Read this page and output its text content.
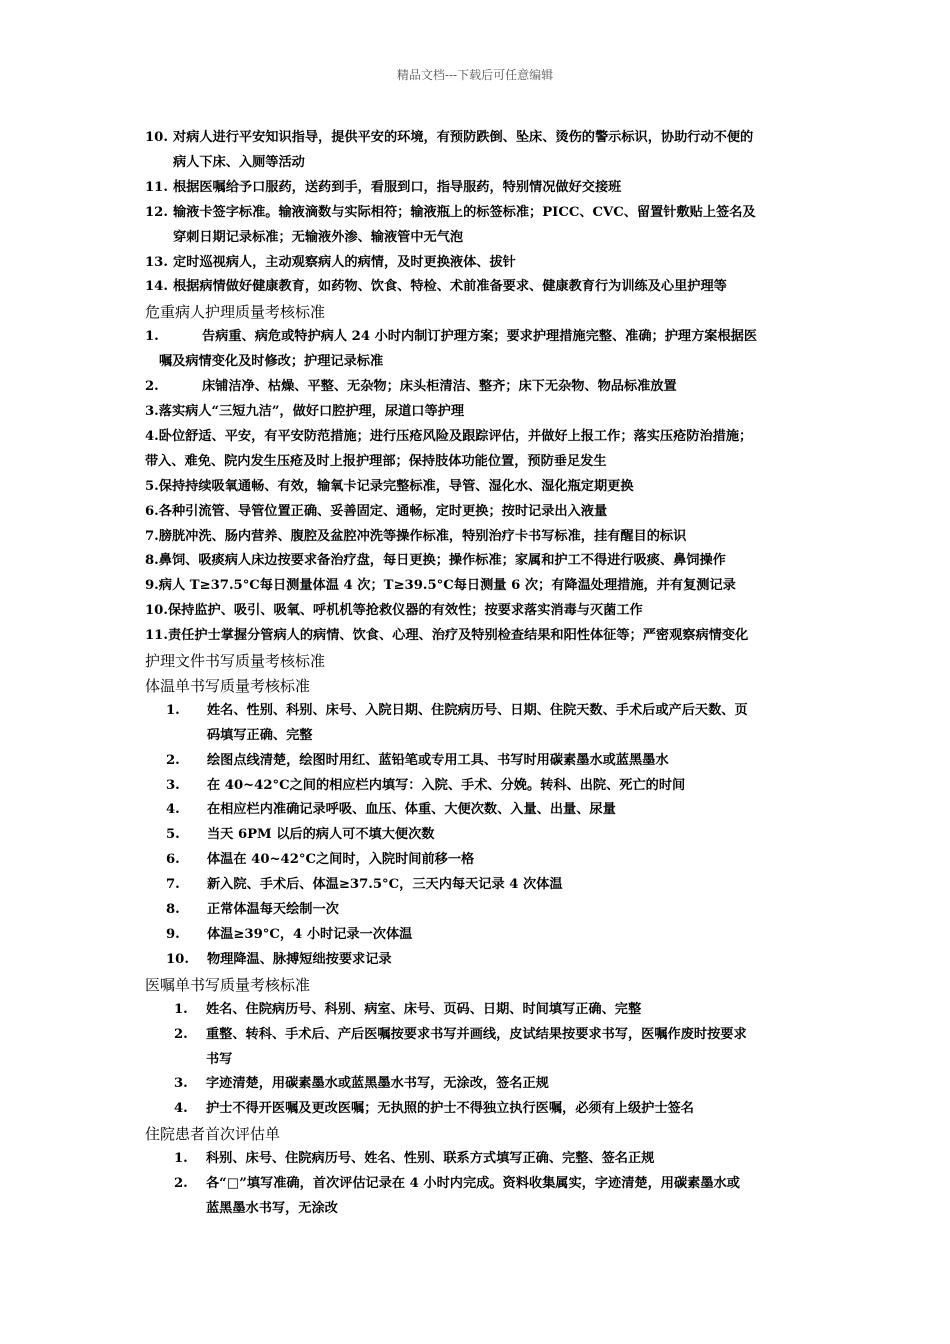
精品文档---下载后可任意编辑
10. 对病人进行平安知识指导，提供平安的环境，有预防跌倒、坠床、烫伤的警示标识，协助行动不便的
病人下床、入厕等活动
11. 根据医嘱给予口服药，送药到手，看服到口，指导服药，特别情况做好交接班
12. 输液卡签字标准。输液滴数与实际相符；输液瓶上的标签标准；PICC、CVC、留置针敷贴上签名及
穿刺日期记录标准；无输液外渗、输液管中无气泡
13. 定时巡视病人，主动观察病人的病情，及时更换液体、拔针
14. 根据病情做好健康教育，如药物、饮食、特检、术前准备要求、健康教育行为训练及心里护理等
危重病人护理质量考核标准
1.	告病重、病危或特护病人 24 小时内制订护理方案；要求护理措施完整、准确；护理方案根据医
嘱及病情变化及时修改；护理记录标准
2.	床铺洁净、枯燥、平整、无杂物；床头柜清洁、整齐；床下无杂物、物品标准放置
3.落实病人“三短九洁”，做好口腔护理，尿道口等护理
4.卧位舒适、平安，有平安防范措施；进行压疮风险及跟踪评估，并做好上报工作；落实压疮防治措施；
带入、难免、院内发生压疮及时上报护理部；保持肢体功能位置，预防垂足发生
5.保持持续吸氧通畅、有效，输氧卡记录完整标准，导管、湿化水、湿化瓶定期更换
6.各种引流管、导管位置正确、妥善固定、通畅，定时更换；按时记录出入液量
7.膀胱冲洗、肠内营养、腹腔及盆腔冲洗等操作标准，特别治疗卡书写标准，挂有醒目的标识
8.鼻饲、吸痰病人床边按要求备治疗盘，每日更换；操作标准；家属和护工不得进行吸痰、鼻饲操作
9.病人 T≥37.5°C每日测量体温 4 次；T≥39.5°C每日测量 6 次；有降温处理措施，并有复测记录
10.保持监护、吸引、吸氧、呼机机等抢救仪器的有效性；按要求落实消毒与灭菌工作
11.责任护士掌握分管病人的病情、饮食、心理、治疗及特别检查结果和阳性体征等；严密观察病情变化
护理文件书写质量考核标准
体温单书写质量考核标准
1.	姓名、性别、科别、床号、入院日期、住院病历号、日期、住院天数、手术后或产后天数、页
码填写正确、完整
2.	绘图点线清楚，绘图时用红、蓝铅笔或专用工具、书写时用碳素墨水或蓝黑墨水
3.	在 40~42°C之间的相应栏内填写：入院、手术、分娩。转科、出院、死亡的时间
4.	在相应栏内准确记录呼吸、血压、体重、大便次数、入量、出量、尿量
5.	当天 6PM 以后的病人可不填大便次数
6.	体温在 40~42°C之间时，入院时间前移一格
7.	新入院、手术后、体温≥37.5°C，三天内每天记录 4 次体温
8.	正常体温每天绘制一次
9.	体温≥39°C，4 小时记录一次体温
10.	物理降温、脉搏短绌按要求记录
医嘱单书写质量考核标准
1.	姓名、住院病历号、科别、病室、床号、页码、日期、时间填写正确、完整
2.	重整、转科、手术后、产后医嘱按要求书写并画线，皮试结果按要求书写，医嘱作废时按要求
书写
3.	字迹清楚，用碳素墨水或蓝黑墨水书写，无涂改，签名正规
4.	护士不得开医嘱及更改医嘱；无执照的护士不得独立执行医嘱，必须有上级护士签名
住院患者首次评估单
1.	科别、床号、住院病历号、姓名、性别、联系方式填写正确、完整、签名正规
2.	各“□”填写准确，首次评估记录在 4 小时内完成。资料收集属实，字迹清楚，用碳素墨水或
蓝黑墨水书写，无涂改
